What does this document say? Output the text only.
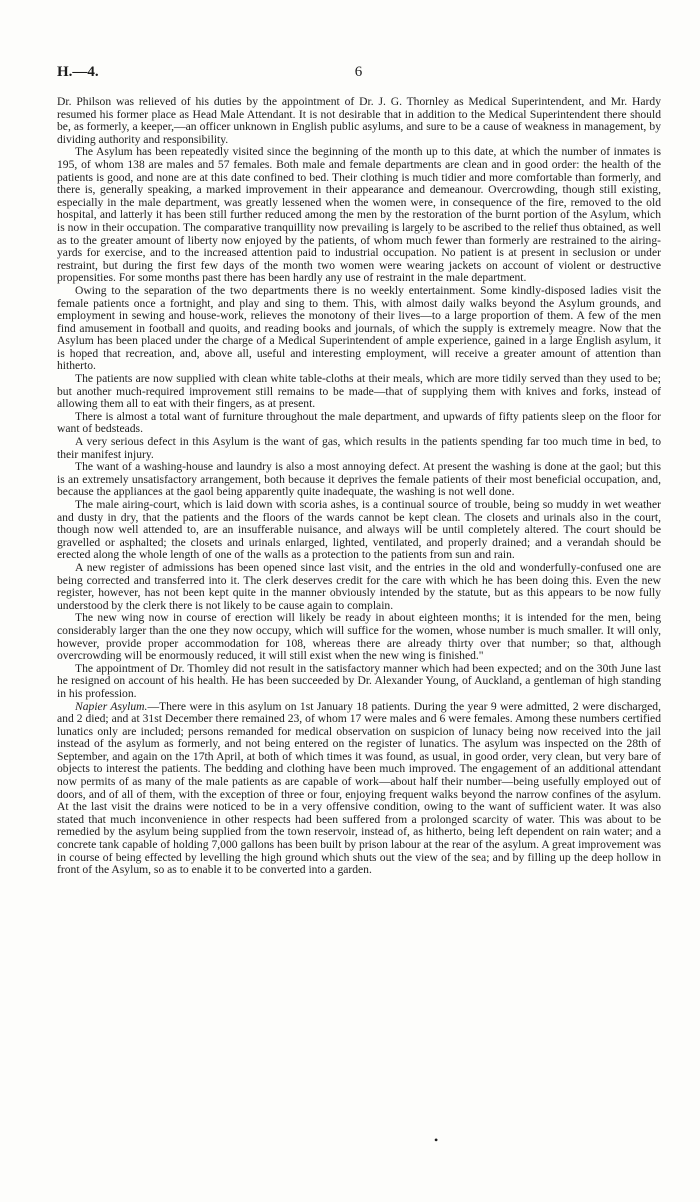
H.—4.	6

Dr. Philson was relieved of his duties by the appointment of Dr. J. G. Thornley as Medical Superintendent, and Mr. Hardy resumed his former place as Head Male Attendant. It is not desirable that in addition to the Medical Superintendent there should be, as formerly, a keeper,—an officer unknown in English public asylums, and sure to be a cause of weakness in management, by dividing authority and responsibility.

The Asylum has been repeatedly visited since the beginning of the month up to this date, at which the number of inmates is 195, of whom 138 are males and 57 females. Both male and female departments are clean and in good order: the health of the patients is good, and none are at this date confined to bed. Their clothing is much tidier and more comfortable than formerly, and there is, generally speaking, a marked improvement in their appearance and demeanour. Overcrowding, though still existing, especially in the male department, was greatly lessened when the women were, in consequence of the fire, removed to the old hospital, and latterly it has been still further reduced among the men by the restoration of the burnt portion of the Asylum, which is now in their occupation. The comparative tranquillity now prevailing is largely to be ascribed to the relief thus obtained, as well as to the greater amount of liberty now enjoyed by the patients, of whom much fewer than formerly are restrained to the airing-yards for exercise, and to the increased attention paid to industrial occupation. No patient is at present in seclusion or under restraint, but during the first few days of the month two women were wearing jackets on account of violent or destructive propensities. For some months past there has been hardly any use of restraint in the male department.

Owing to the separation of the two departments there is no weekly entertainment. Some kindly-disposed ladies visit the female patients once a fortnight, and play and sing to them. This, with almost daily walks beyond the Asylum grounds, and employment in sewing and house-work, relieves the monotony of their lives—to a large proportion of them. A few of the men find amusement in football and quoits, and reading books and journals, of which the supply is extremely meagre. Now that the Asylum has been placed under the charge of a Medical Superintendent of ample experience, gained in a large English asylum, it is hoped that recreation, and, above all, useful and interesting employment, will receive a greater amount of attention than hitherto.

The patients are now supplied with clean white table-cloths at their meals, which are more tidily served than they used to be; but another much-required improvement still remains to be made—that of supplying them with knives and forks, instead of allowing them all to eat with their fingers, as at present.

There is almost a total want of furniture throughout the male department, and upwards of fifty patients sleep on the floor for want of bedsteads.

A very serious defect in this Asylum is the want of gas, which results in the patients spending far too much time in bed, to their manifest injury.

The want of a washing-house and laundry is also a most annoying defect. At present the washing is done at the gaol; but this is an extremely unsatisfactory arrangement, both because it deprives the female patients of their most beneficial occupation, and, because the appliances at the gaol being apparently quite inadequate, the washing is not well done.

The male airing-court, which is laid down with scoria ashes, is a continual source of trouble, being so muddy in wet weather and dusty in dry, that the patients and the floors of the wards cannot be kept clean. The closets and urinals also in the court, though now well attended to, are an insufferable nuisance, and always will be until completely altered. The court should be gravelled or asphalted; the closets and urinals enlarged, lighted, ventilated, and properly drained; and a verandah should be erected along the whole length of one of the walls as a protection to the patients from sun and rain.

A new register of admissions has been opened since last visit, and the entries in the old and wonderfully-confused one are being corrected and transferred into it. The clerk deserves credit for the care with which he has been doing this. Even the new register, however, has not been kept quite in the manner obviously intended by the statute, but as this appears to be now fully understood by the clerk there is not likely to be cause again to complain.

The new wing now in course of erection will likely be ready in about eighteen months; it is intended for the men, being considerably larger than the one they now occupy, which will suffice for the women, whose number is much smaller. It will only, however, provide proper accommodation for 108, whereas there are already thirty over that number; so that, although overcrowding will be enormously reduced, it will still exist when the new wing is finished."

The appointment of Dr. Thomley did not result in the satisfactory manner which had been expected; and on the 30th June last he resigned on account of his health. He has been succeeded by Dr. Alexander Young, of Auckland, a gentleman of high standing in his profession.

Napier Asylum.—There were in this asylum on 1st January 18 patients. During the year 9 were admitted, 2 were discharged, and 2 died; and at 31st December there remained 23, of whom 17 were males and 6 were females. Among these numbers certified lunatics only are included; persons remanded for medical observation on suspicion of lunacy being now received into the jail instead of the asylum as formerly, and not being entered on the register of lunatics. The asylum was inspected on the 28th of September, and again on the 17th April, at both of which times it was found, as usual, in good order, very clean, but very bare of objects to interest the patients. The bedding and clothing have been much improved. The engagement of an additional attendant now permits of as many of the male patients as are capable of work—about half their number—being usefully employed out of doors, and of all of them, with the exception of three or four, enjoying frequent walks beyond the narrow confines of the asylum. At the last visit the drains were noticed to be in a very offensive condition, owing to the want of sufficient water. It was also stated that much inconvenience in other respects had been suffered from a prolonged scarcity of water. This was about to be remedied by the asylum being supplied from the town reservoir, instead of, as hitherto, being left dependent on rain water; and a concrete tank capable of holding 7,000 gallons has been built by prison labour at the rear of the asylum. A great improvement was in course of being effected by levelling the high ground which shuts out the view of the sea; and by filling up the deep hollow in front of the Asylum, so as to enable it to be converted into a garden.

•
